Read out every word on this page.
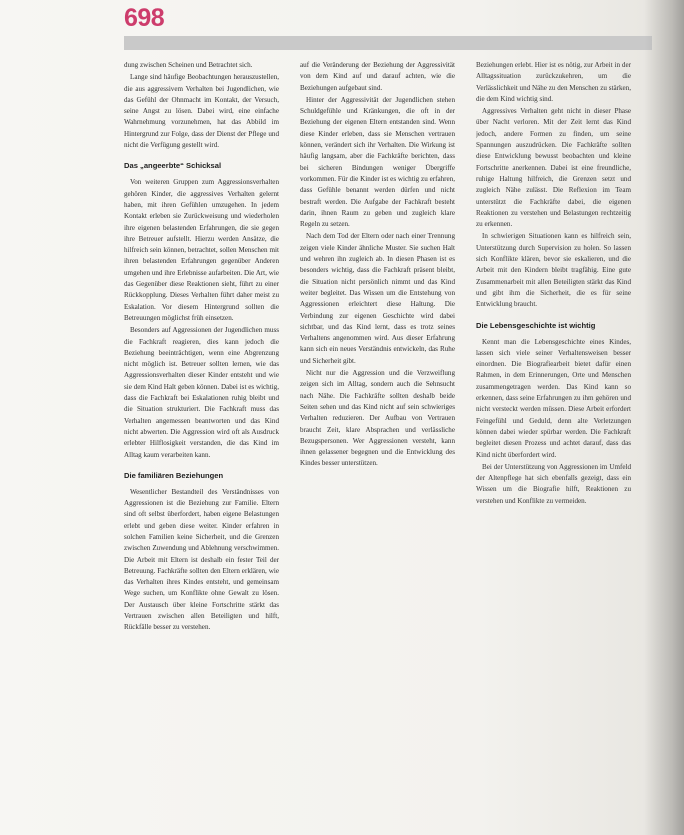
698

dung zwischen Scheinen und Betrachtet sich.

Lange sind häufige Beobachtungen herauszustellen, die aus aggressivem Verhalten bei Jugendlichen, wie das Gefühl der Ohnmacht im Kontakt, der Versuch, seine Angst zu lösen. Dabei wird, eine einfache Wahrnehmung vorzunehmen, hat das Abbild im Hintergrund zur Folge, dass der Dienst der Pflege und nicht die Verfügung gestellt wird.

Das „angeerbte“ Schicksal

Von weiteren Gruppen zum Aggressionsverhalten gehören Kinder, die aggressives Verhalten gelernt haben, mit ihren Gefühlen umzugehen. In jedem Kontakt erleben sie Zurückweisung und wiederholen ihre eigenen belastenden Erfahrungen, die sie gegen ihre Betreuer aufstellt. Hierzu werden Ansätze, die hilfreich sein können, betrachtet, sollen Menschen mit ihren belastenden Erfahrungen gegenüber Anderen umgehen und ihre Erlebnisse aufarbeiten. Die Art, wie das Gegenüber diese Reaktionen sieht, führt zu einer Rückkopplung. Dieses Verhalten führt daher meist zu Eskalation. Vor diesem Hintergrund sollten die Betreuungen möglichst früh einsetzen.

Besonders auf Aggressionen der Jugendlichen muss die Fachkraft reagieren, dies kann jedoch die Beziehung beeinträchtigen, wenn eine Abgrenzung nicht möglich ist. Betreuer sollten lernen, wie das Aggressionsverhalten dieser Kinder entsteht und wie sie dem Kind Halt geben können. Dabei ist es wichtig, dass die Fachkraft bei Eskalationen ruhig bleibt und die Situation strukturiert. Die Fachkraft muss das Verhalten angemessen beantworten und das Kind nicht abwerten. Die Aggression wird oft als Ausdruck erlebter Hilflosigkeit verstanden, die das Kind im Alltag kaum verarbeiten kann.

Die familiären Beziehungen

Wesentlicher Bestandteil des Verständnisses von Aggressionen ist die Beziehung zur Familie. Eltern sind oft selbst überfordert, haben eigene Belastungen erlebt und geben diese weiter. Kinder erfahren in solchen Familien keine Sicherheit, und die Grenzen zwischen Zuwendung und Ablehnung verschwimmen. Die Arbeit mit Eltern ist deshalb ein fester Teil der Betreuung. Fachkräfte sollten den Eltern erklären, wie das Verhalten ihres Kindes entsteht, und gemeinsam Wege suchen, um Konflikte ohne Gewalt zu lösen. Der Austausch über kleine Fortschritte stärkt das Vertrauen zwischen allen Beteiligten und hilft, Rückfälle besser zu verstehen.

auf die Veränderung der Beziehung der Aggressivität von dem Kind auf und darauf achten, wie die Beziehungen aufgebaut sind.

Hinter der Aggressivität der Jugendlichen stehen Schuldgefühle und Kränkungen, die oft in der Beziehung der eigenen Eltern entstanden sind. Wenn diese Kinder erleben, dass sie Menschen vertrauen können, verändert sich ihr Verhalten. Die Wirkung ist häufig langsam, aber die Fachkräfte berichten, dass bei sicheren Bindungen weniger Übergriffe vorkommen. Für die Kinder ist es wichtig zu erfahren, dass Gefühle benannt werden dürfen und nicht bestraft werden. Die Aufgabe der Fachkraft besteht darin, ihnen Raum zu geben und zugleich klare Regeln zu setzen.

Nach dem Tod der Eltern oder nach einer Trennung zeigen viele Kinder ähnliche Muster. Sie suchen Halt und wehren ihn zugleich ab. In diesen Phasen ist es besonders wichtig, dass die Fachkraft präsent bleibt, die Situation nicht persönlich nimmt und das Kind weiter begleitet. Das Wissen um die Entstehung von Aggressionen erleichtert diese Haltung. Die Verbindung zur eigenen Geschichte wird dabei sichtbar, und das Kind lernt, dass es trotz seines Verhaltens angenommen wird. Aus dieser Erfahrung kann sich ein neues Verständnis entwickeln, das Ruhe und Sicherheit gibt.

Nicht nur die Aggression und die Verzweiflung zeigen sich im Alltag, sondern auch die Sehnsucht nach Nähe. Die Fachkräfte sollten deshalb beide Seiten sehen und das Kind nicht auf sein schwieriges Verhalten reduzieren. Der Aufbau von Vertrauen braucht Zeit, klare Absprachen und verlässliche Bezugspersonen. Wer Aggressionen versteht, kann ihnen gelassener begegnen und die Entwicklung des Kindes besser unterstützen.

Beziehungen erlebt. Hier ist es nötig, zur Arbeit in der Alltagssituation zurückzukehren, um die Verlässlichkeit und Nähe zu den Menschen zu stärken, die dem Kind wichtig sind.

Aggressives Verhalten geht nicht in dieser Phase über Nacht verloren. Mit der Zeit lernt das Kind jedoch, andere Formen zu finden, um seine Spannungen auszudrücken. Die Fachkräfte sollten diese Entwicklung bewusst beobachten und kleine Fortschritte anerkennen. Dabei ist eine freundliche, ruhige Haltung hilfreich, die Grenzen setzt und zugleich Nähe zulässt. Die Reflexion im Team unterstützt die Fachkräfte dabei, die eigenen Reaktionen zu verstehen und Belastungen rechtzeitig zu erkennen.

In schwierigen Situationen kann es hilfreich sein, Unterstützung durch Supervision zu holen. So lassen sich Konflikte klären, bevor sie eskalieren, und die Arbeit mit den Kindern bleibt tragfähig. Eine gute Zusammenarbeit mit allen Beteiligten stärkt das Kind und gibt ihm die Sicherheit, die es für seine Entwicklung braucht.

Die Lebensgeschichte ist wichtig

Kennt man die Lebensgeschichte eines Kindes, lassen sich viele seiner Verhaltensweisen besser einordnen. Die Biografiearbeit bietet dafür einen Rahmen, in dem Erinnerungen, Orte und Menschen zusammengetragen werden. Das Kind kann so erkennen, dass seine Erfahrungen zu ihm gehören und nicht versteckt werden müssen. Diese Arbeit erfordert Feingefühl und Geduld, denn alte Verletzungen können dabei wieder spürbar werden. Die Fachkraft begleitet diesen Prozess und achtet darauf, dass das Kind nicht überfordert wird.

Bei der Unterstützung von Aggressionen im Umfeld der Altenpflege hat sich ebenfalls gezeigt, dass ein Wissen um die Biografie hilft, Reaktionen zu verstehen und Konflikte zu vermeiden.
